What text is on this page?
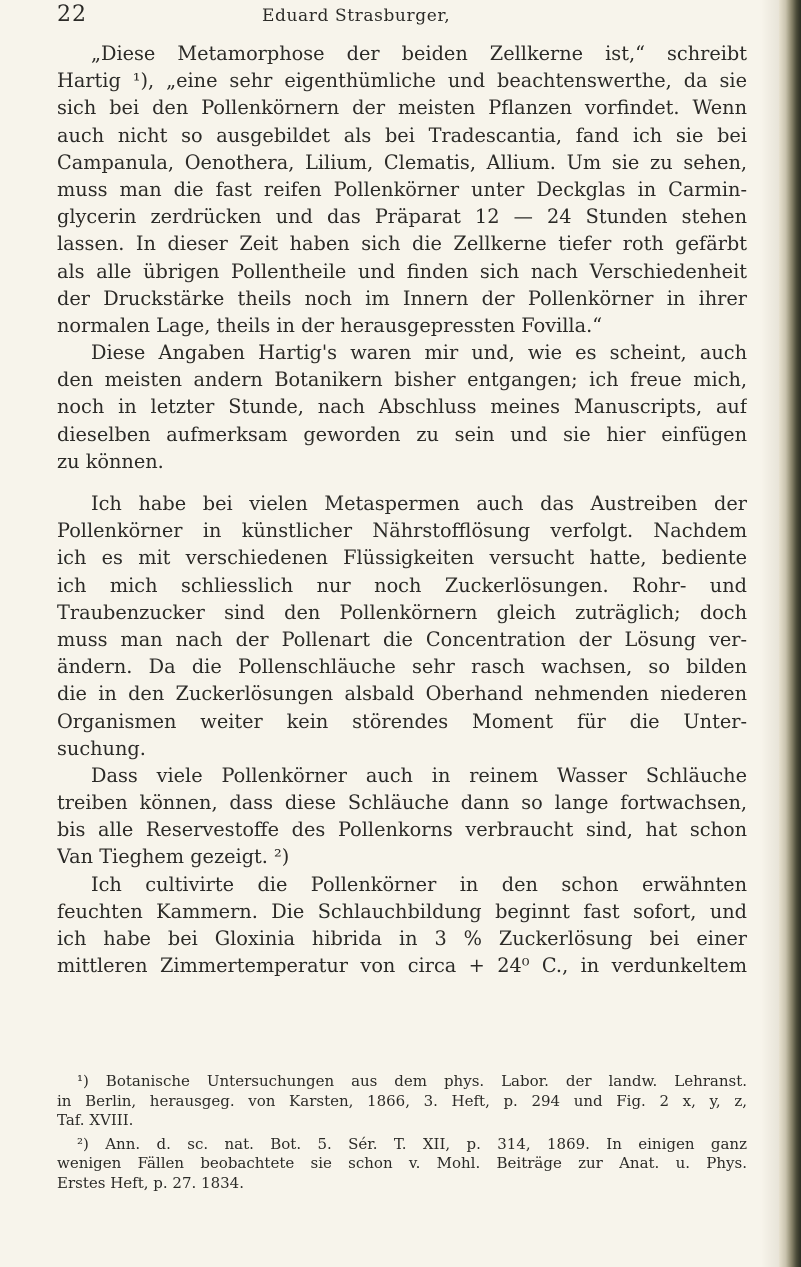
22	Eduard Strasburger,
„Diese Metamorphose der beiden Zellkerne ist,“ schreibt
Hartig ¹), „eine sehr eigenthümliche und beachtenswerthe, da sie
sich bei den Pollenkörnern der meisten Pflanzen vorfindet. Wenn
auch nicht so ausgebildet als bei Tradescantia, fand ich sie bei
Campanula, Oenothera, Lilium, Clematis, Allium. Um sie zu sehen,
muss man die fast reifen Pollenkörner unter Deckglas in Carmin-
glycerin zerdrücken und das Präparat 12 — 24 Stunden stehen
lassen. In dieser Zeit haben sich die Zellkerne tiefer roth gefärbt
als alle übrigen Pollentheile und finden sich nach Verschiedenheit
der Druckstärke theils noch im Innern der Pollenkörner in ihrer
normalen Lage, theils in der herausgepressten Fovilla.“
Diese Angaben Hartig's waren mir und, wie es scheint, auch
den meisten andern Botanikern bisher entgangen; ich freue mich,
noch in letzter Stunde, nach Abschluss meines Manuscripts, auf
dieselben aufmerksam geworden zu sein und sie hier einfügen
zu können.
Ich habe bei vielen Metaspermen auch das Austreiben der
Pollenkörner in künstlicher Nährstofflösung verfolgt. Nachdem
ich es mit verschiedenen Flüssigkeiten versucht hatte, bediente
ich mich schliesslich nur noch Zuckerlösungen. Rohr- und
Traubenzucker sind den Pollenkörnern gleich zuträglich; doch
muss man nach der Pollenart die Concentration der Lösung ver-
ändern. Da die Pollenschläuche sehr rasch wachsen, so bilden
die in den Zuckerlösungen alsbald Oberhand nehmenden niederen
Organismen weiter kein störendes Moment für die Unter-
suchung.
Dass viele Pollenkörner auch in reinem Wasser Schläuche
treiben können, dass diese Schläuche dann so lange fortwachsen,
bis alle Reservestoffe des Pollenkorns verbraucht sind, hat schon
Van Tieghem gezeigt. ²)
Ich cultivirte die Pollenkörner in den schon erwähnten
feuchten Kammern. Die Schlauchbildung beginnt fast sofort, und
ich habe bei Gloxinia hibrida in 3 % Zuckerlösung bei einer
mittleren Zimmertemperatur von circa + 24⁰ C., in verdunkeltem
¹) Botanische Untersuchungen aus dem phys. Labor. der landw. Lehranst.
in Berlin, herausgeg. von Karsten, 1866, 3. Heft, p. 294 und Fig. 2 x, y, z,
Taf. XVIII.
²) Ann. d. sc. nat. Bot. 5. Sér. T. XII, p. 314, 1869. In einigen ganz
wenigen Fällen beobachtete sie schon v. Mohl. Beiträge zur Anat. u. Phys.
Erstes Heft, p. 27. 1834.
